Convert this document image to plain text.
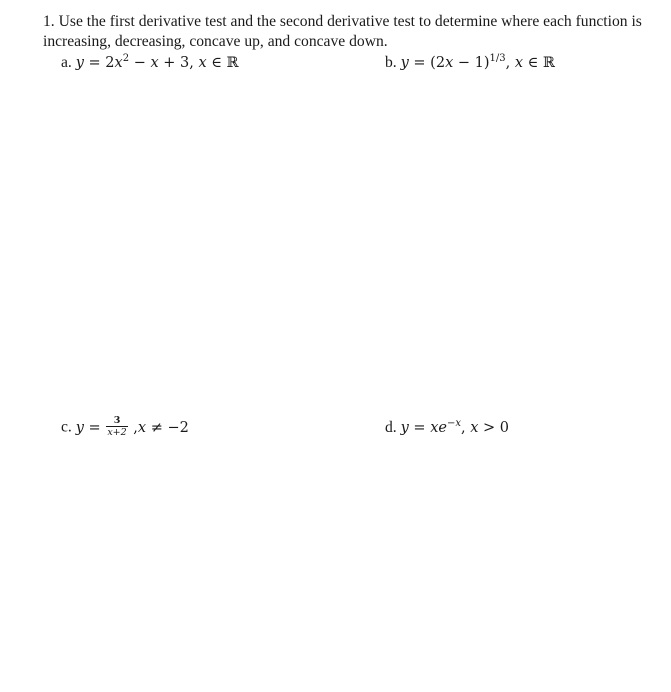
1. Use the first derivative test and the second derivative test to determine where each function is increasing, decreasing, concave up, and concave down.

a. $y = 2x^2 - x + 3$, x ∈ ℝ	b. $y = (2x - 1)^{1/3}$, x ∈ ℝ
c. $y = \frac{3}{x+2} ,x \ne -2$	d. $y = xe^{-x}$, x > 0
